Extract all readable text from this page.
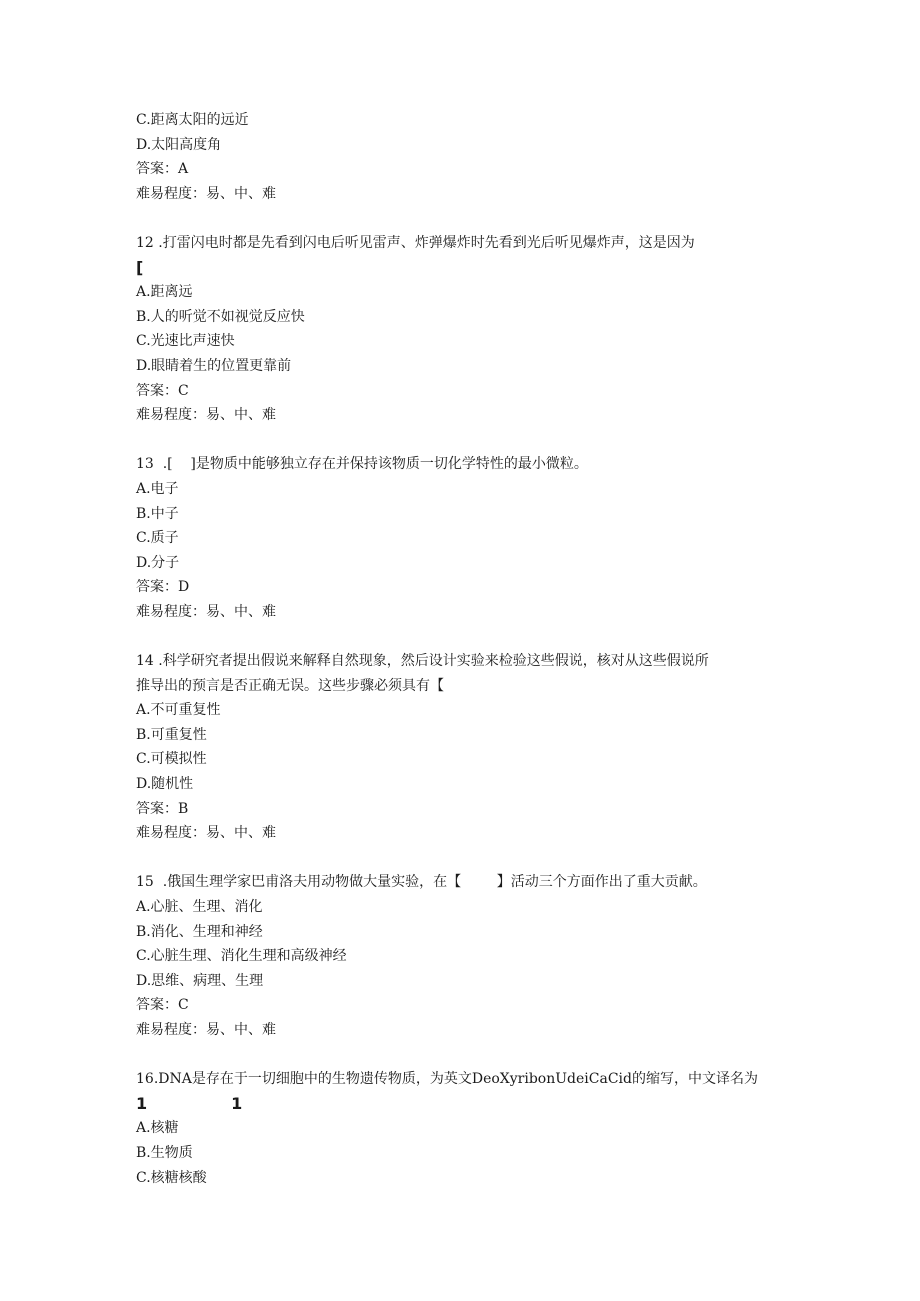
C.距离太阳的远近
D.太阳高度角
答案：A
难易程度：易、中、难
12 .打雷闪电时都是先看到闪电后听见雷声、炸弹爆炸时先看到光后听见爆炸声，这是因为
[
A.距离远
B.人的听觉不如视觉反应快
C.光速比声速快
D.眼睛着生的位置更靠前
答案：C
难易程度：易、中、难
13  .[    ]是物质中能够独立存在并保持该物质一切化学特性的最小微粒。
A.电子
B.中子
C.质子
D.分子
答案：D
难易程度：易、中、难
14 .科学研究者提出假说来解释自然现象，然后设计实验来检验这些假说，核对从这些假说所
推导出的预言是否正确无误。这些步骤必须具有【
A.不可重复性
B.可重复性
C.可模拟性
D.随机性
答案：B
难易程度：易、中、难
15  .俄国生理学家巴甫洛夫用动物做大量实验，在【        】活动三个方面作出了重大贡献。
A.心脏、生理、消化
B.消化、生理和神经
C.心脏生理、消化生理和高级神经
D.思维、病理、生理
答案：C
难易程度：易、中、难
16.DNA是存在于一切细胞中的生物遗传物质，为英文DeoXyribonUdeiCaCid的缩写，中文译名为
1	1
A.核糖
B.生物质
C.核糖核酸
